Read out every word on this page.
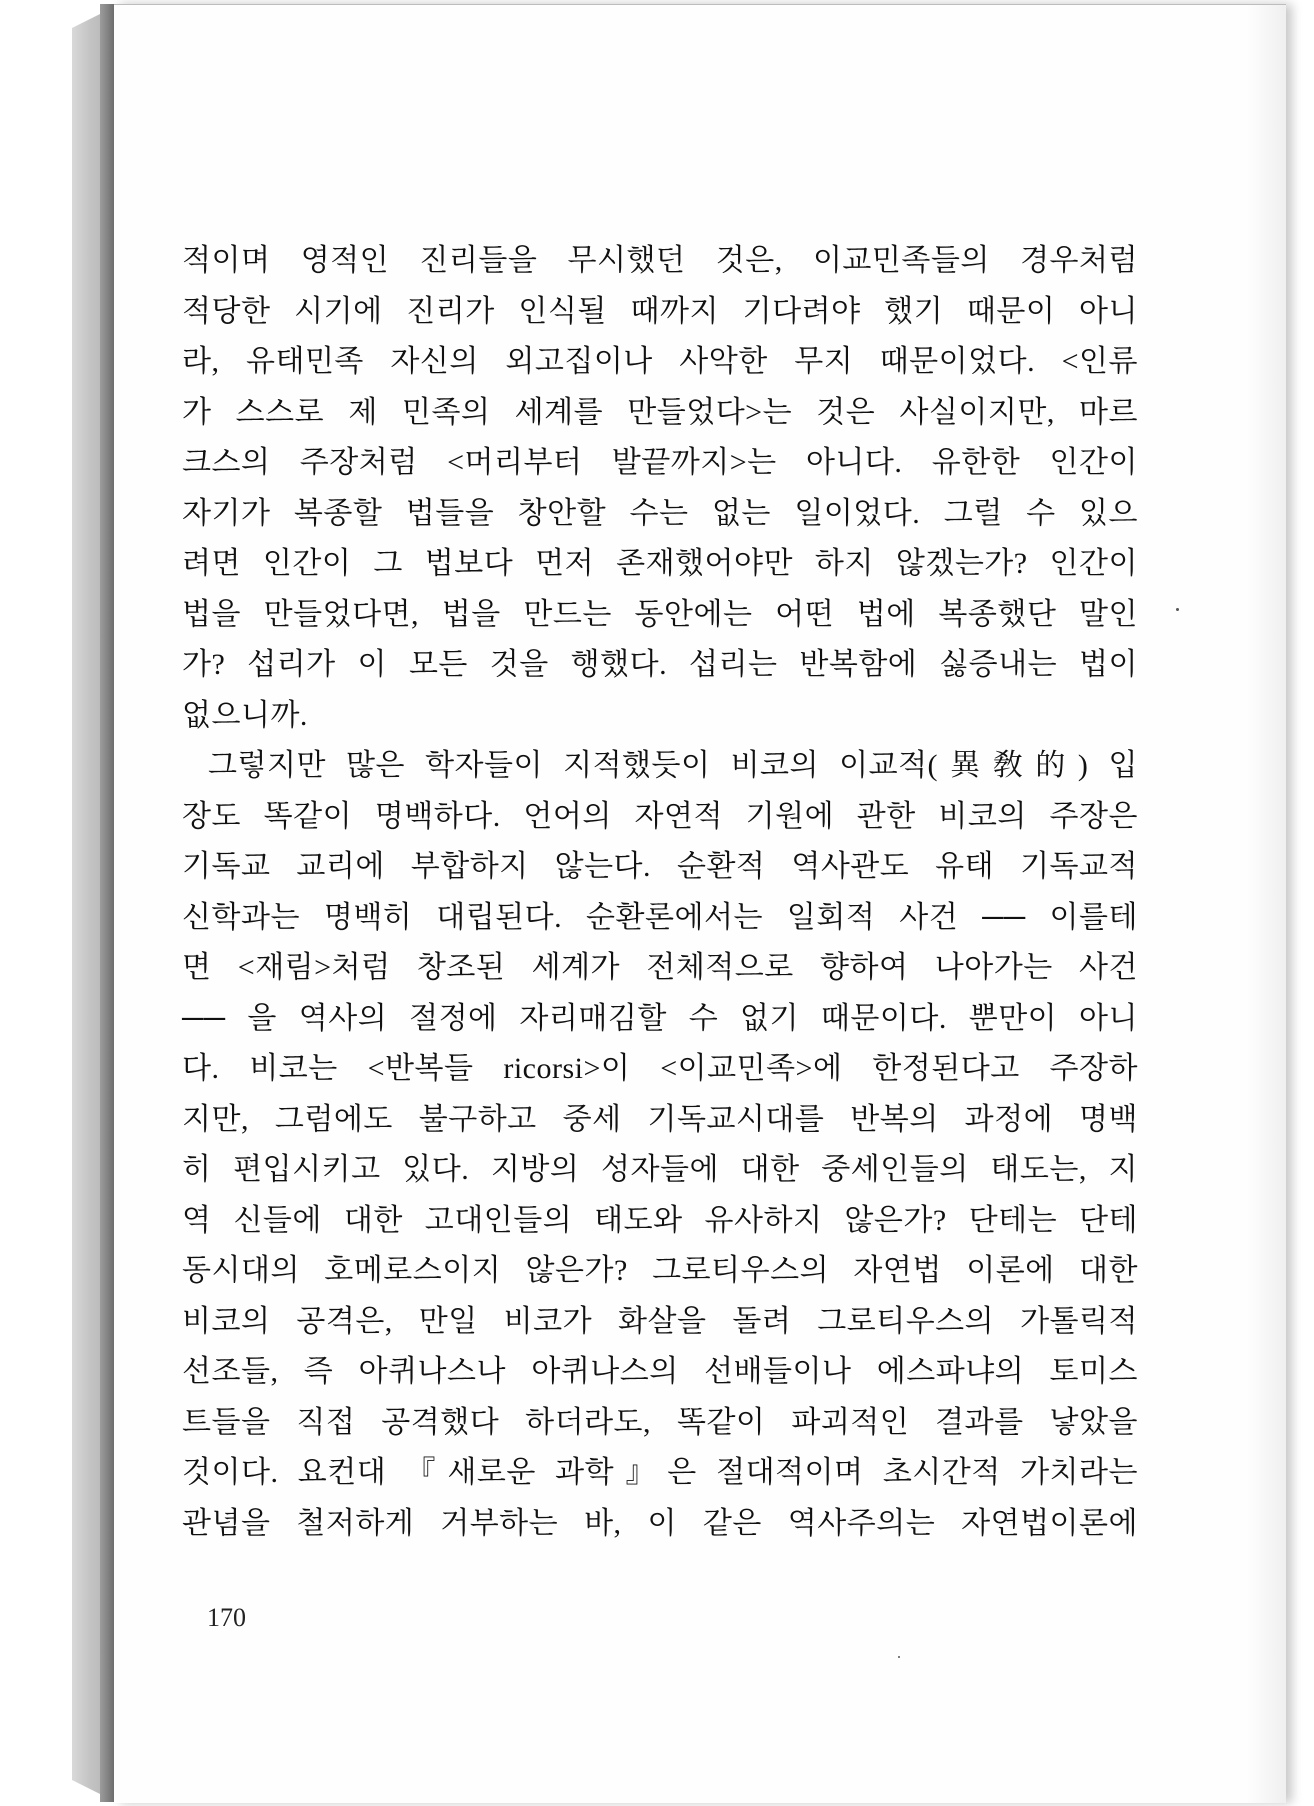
적이며 영적인 진리들을 무시했던 것은, 이교민족들의 경우처럼
적당한 시기에 진리가 인식될 때까지 기다려야 했기 때문이 아니
라, 유태민족 자신의 외고집이나 사악한 무지 때문이었다. <인류
가 스스로 제 민족의 세계를 만들었다>는 것은 사실이지만, 마르
크스의 주장처럼 <머리부터 발끝까지>는 아니다. 유한한 인간이
자기가 복종할 법들을 창안할 수는 없는 일이었다. 그럴 수 있으
려면 인간이 그 법보다 먼저 존재했어야만 하지 않겠는가? 인간이
법을 만들었다면, 법을 만드는 동안에는 어떤 법에 복종했단 말인
가? 섭리가 이 모든 것을 행했다. 섭리는 반복함에 싫증내는 법이
없으니까.
그렇지만 많은 학자들이 지적했듯이 비코의 이교적(異敎的) 입
장도 똑같이 명백하다. 언어의 자연적 기원에 관한 비코의 주장은
기독교 교리에 부합하지 않는다. 순환적 역사관도 유태 기독교적
신학과는 명백히 대립된다. 순환론에서는 일회적 사건 ── 이를테
면 <재림>처럼 창조된 세계가 전체적으로 향하여 나아가는 사건
── 을 역사의 절정에 자리매김할 수 없기 때문이다. 뿐만이 아니
다. 비코는 <반복들 ricorsi>이 <이교민족>에 한정된다고 주장하
지만, 그럼에도 불구하고 중세 기독교시대를 반복의 과정에 명백
히 편입시키고 있다. 지방의 성자들에 대한 중세인들의 태도는, 지
역 신들에 대한 고대인들의 태도와 유사하지 않은가? 단테는 단테
동시대의 호메로스이지 않은가? 그로티우스의 자연법 이론에 대한
비코의 공격은, 만일 비코가 화살을 돌려 그로티우스의 가톨릭적
선조들, 즉 아퀴나스나 아퀴나스의 선배들이나 에스파냐의 토미스
트들을 직접 공격했다 하더라도, 똑같이 파괴적인 결과를 낳았을
것이다. 요컨대 『새로운 과학』은 절대적이며 초시간적 가치라는
관념을 철저하게 거부하는 바, 이 같은 역사주의는 자연법이론에
170
